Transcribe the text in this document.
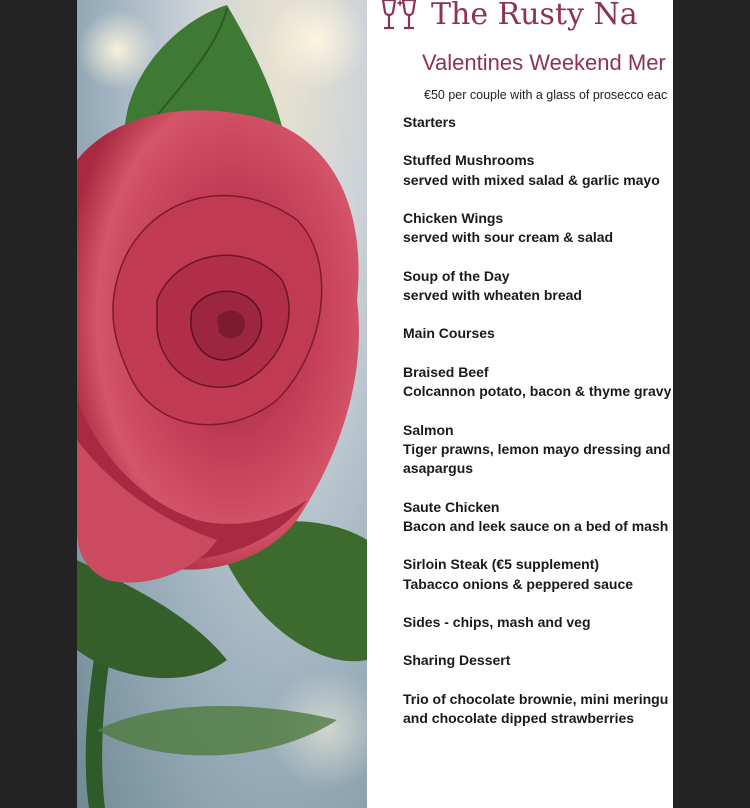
The Rusty Na
Valentines Weekend Mer
€50 per couple with a glass of prosecco eac
Starters
Stuffed Mushrooms
served with mixed salad & garlic mayo
Chicken Wings
served with sour cream & salad
Soup of the Day
served with wheaten bread
Main Courses
Braised Beef
Colcannon potato, bacon & thyme gravy
Salmon
Tiger prawns, lemon mayo dressing and
asapargus
Saute Chicken
Bacon and leek sauce on a bed of mash
Sirloin Steak (€5 supplement)
Tabacco onions & peppered sauce
Sides - chips, mash and veg
Sharing Dessert
Trio of chocolate brownie, mini meringu
and chocolate dipped strawberries
